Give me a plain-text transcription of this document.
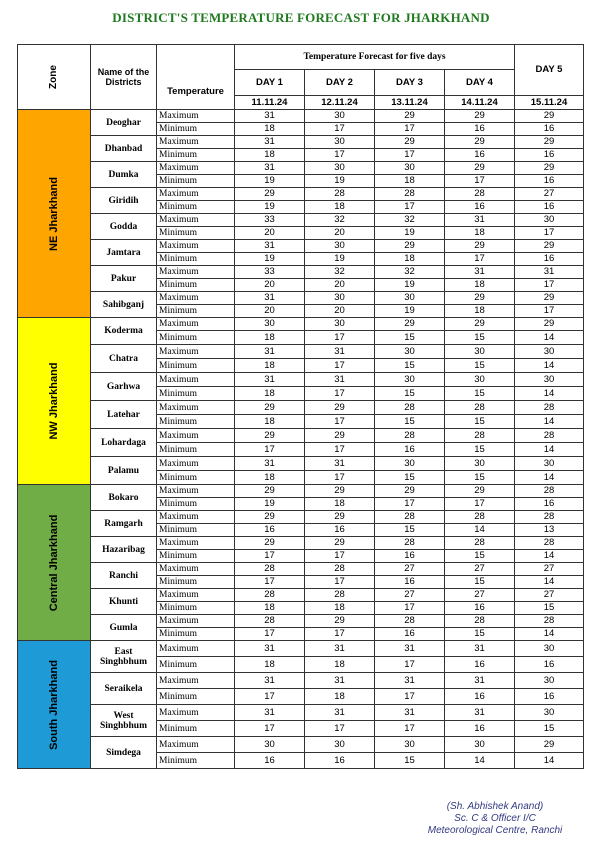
DISTRICT'S TEMPERATURE FORECAST FOR JHARKHAND
Zone	Name of the Districts	Temperature	Temperature Forecast for five days				DAY 5
			DAY 1	DAY 2	DAY 3	DAY 4	
			11.11.24	12.11.24	13.11.24	14.11.24	15.11.24

NE Jharkhand	Deoghar	Maximum	31	30	29	29	29
		Minimum	18	17	17	16	16
	Dhanbad	Maximum	31	30	29	29	29
		Minimum	18	17	17	16	16
	Dumka	Maximum	31	30	30	29	29
		Minimum	19	19	18	17	16
	Giridih	Maximum	29	28	28	28	27
		Minimum	19	18	17	16	16
	Godda	Maximum	33	32	32	31	30
		Minimum	20	20	19	18	17
	Jamtara	Maximum	31	30	29	29	29
		Minimum	19	19	18	17	16
	Pakur	Maximum	33	32	32	31	31
		Minimum	20	20	19	18	17
	Sahibganj	Maximum	31	30	30	29	29
		Minimum	20	20	19	18	17

NW Jharkhand	Koderma	Maximum	30	30	29	29	29
		Minimum	18	17	15	15	14
	Chatra	Maximum	31	31	30	30	30
		Minimum	18	17	15	15	14
	Garhwa	Maximum	31	31	30	30	30
		Minimum	18	17	15	15	14
	Latehar	Maximum	29	29	28	28	28
		Minimum	18	17	15	15	14
	Lohardaga	Maximum	29	29	28	28	28
		Minimum	17	17	16	15	14
	Palamu	Maximum	31	31	30	30	30
		Minimum	18	17	15	15	14

Central Jharkhand	Bokaro	Maximum	29	29	29	29	28
		Minimum	19	18	17	17	16
	Ramgarh	Maximum	29	29	28	28	28
		Minimum	16	16	15	14	13
	Hazaribag	Maximum	29	29	28	28	28
		Minimum	17	17	16	15	14
	Ranchi	Maximum	28	28	27	27	27
		Minimum	17	17	16	15	14
	Khunti	Maximum	28	28	27	27	27
		Minimum	18	18	17	16	15
	Gumla	Maximum	28	29	28	28	28
		Minimum	17	17	16	15	14

South Jharkhand	East Singhbhum	Maximum	31	31	31	31	30
		Minimum	18	18	17	16	16
	Seraikela	Maximum	31	31	31	31	30
		Minimum	17	18	17	16	16
	West Singhbhum	Maximum	31	31	31	31	30
		Minimum	17	17	17	16	15
	Simdega	Maximum	30	30	30	30	29
		Minimum	16	16	15	14	14
(Sh. Abhishek Anand)
Sc. C & Officer I/C
Meteorological Centre, Ranchi
